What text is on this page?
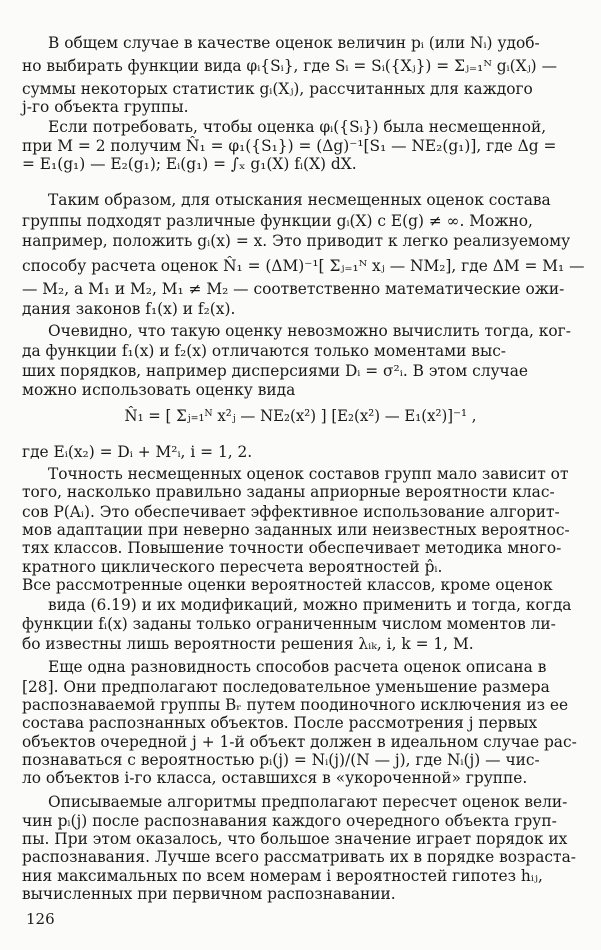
В общем случае в качестве оценок величин pᵢ (или Nᵢ) удоб-
но выбирать функции вида φᵢ{Sᵢ}, где Sᵢ = Sᵢ({Xⱼ}) = Σⱼ₌₁ᴺ gᵢ(Xⱼ) —
суммы некоторых статистик gᵢ(Xⱼ), рассчитанных для каждого
j-го объекта группы.
Если потребовать, чтобы оценка φᵢ({Sᵢ}) была несмещенной,
при M = 2 получим N̂₁ = φ₁({S₁}) = (Δg)⁻¹[S₁ — NE₂(g₁)], где Δg =
= E₁(g₁) — E₂(g₁); Eᵢ(g₁) = ∫ₓ g₁(X) fᵢ(X) dX.
Таким образом, для отыскания несмещенных оценок состава
группы подходят различные функции gᵢ(X) с E(g) ≠ ∞. Можно,
например, положить gᵢ(x) = x. Это приводит к легко реализуемому
способу расчета оценок N̂₁ = (ΔM)⁻¹[ Σⱼ₌₁ᴺ xⱼ — NM₂], где ΔM = M₁ —
— M₂, а M₁ и M₂, M₁ ≠ M₂ — соответственно математические ожи-
дания законов f₁(x) и f₂(x).
Очевидно, что такую оценку невозможно вычислить тогда, ког-
да функции f₁(x) и f₂(x) отличаются только моментами выс-
ших порядков, например дисперсиями Dᵢ = σ²ᵢ. В этом случае
можно использовать оценку вида
N̂₁ = [ Σⱼ₌₁ᴺ x²ⱼ — NE₂(x²) ] [E₂(x²) — E₁(x²)]⁻¹ ,
где Eᵢ(x₂) = Dᵢ + M²ᵢ, i = 1, 2.
Точность несмещенных оценок составов групп мало зависит от
того, насколько правильно заданы априорные вероятности клас-
сов P(Aᵢ). Это обеспечивает эффективное использование алгорит-
мов адаптации при неверно заданных или неизвестных вероятнос-
тях классов. Повышение точности обеспечивает методика много-
кратного циклического пересчета вероятностей p̂ᵢ.
Все рассмотренные оценки вероятностей классов, кроме оценок
вида (6.19) и их модификаций, можно применить и тогда, когда
функции fᵢ(x) заданы только ограниченным числом моментов ли-
бо известны лишь вероятности решения λᵢₖ, i, k = 1, M.
Еще одна разновидность способов расчета оценок описана в
[28]. Они предполагают последовательное уменьшение размера
распознаваемой группы Bᵣ путем поодиночного исключения из ее
состава распознанных объектов. После рассмотрения j первых
объектов очередной j + 1-й объект должен в идеальном случае рас-
познаваться с вероятностью pᵢ(j) = Nᵢ(j)/(N — j), где Nᵢ(j) — чис-
ло объектов i-го класса, оставшихся в «укороченной» группе.
Описываемые алгоритмы предполагают пересчет оценок вели-
чин pᵢ(j) после распознавания каждого очередного объекта груп-
пы. При этом оказалось, что большое значение играет порядок их
распознавания. Лучше всего рассматривать их в порядке возраста-
ния максимальных по всем номерам i вероятностей гипотез hᵢⱼ,
вычисленных при первичном распознавании.
126
